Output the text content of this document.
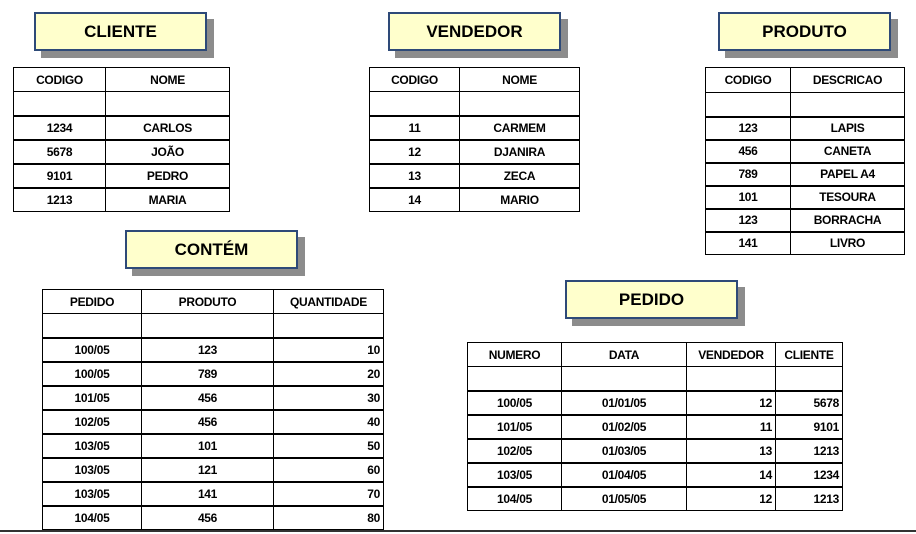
CLIENTE
CODIGO	NOME

1234	CARLOS
5678	JOÃO
9101	PEDRO
1213	MARIA
VENDEDOR
CODIGO	NOME

11	CARMEM
12	DJANIRA
13	ZECA
14	MARIO
PRODUTO
CODIGO	DESCRICAO

123	LAPIS
456	CANETA
789	PAPEL A4
101	TESOURA
123	BORRACHA
141	LIVRO
CONTÉM
PEDIDO	PRODUTO	QUANTIDADE

100/05	123	10
100/05	789	20
101/05	456	30
102/05	456	40
103/05	101	50
103/05	121	60
103/05	141	70
104/05	456	80
PEDIDO
NUMERO	DATA	VENDEDOR	CLIENTE

100/05	01/01/05	12	5678
101/05	01/02/05	11	9101
102/05	01/03/05	13	1213
103/05	01/04/05	14	1234
104/05	01/05/05	12	1213
